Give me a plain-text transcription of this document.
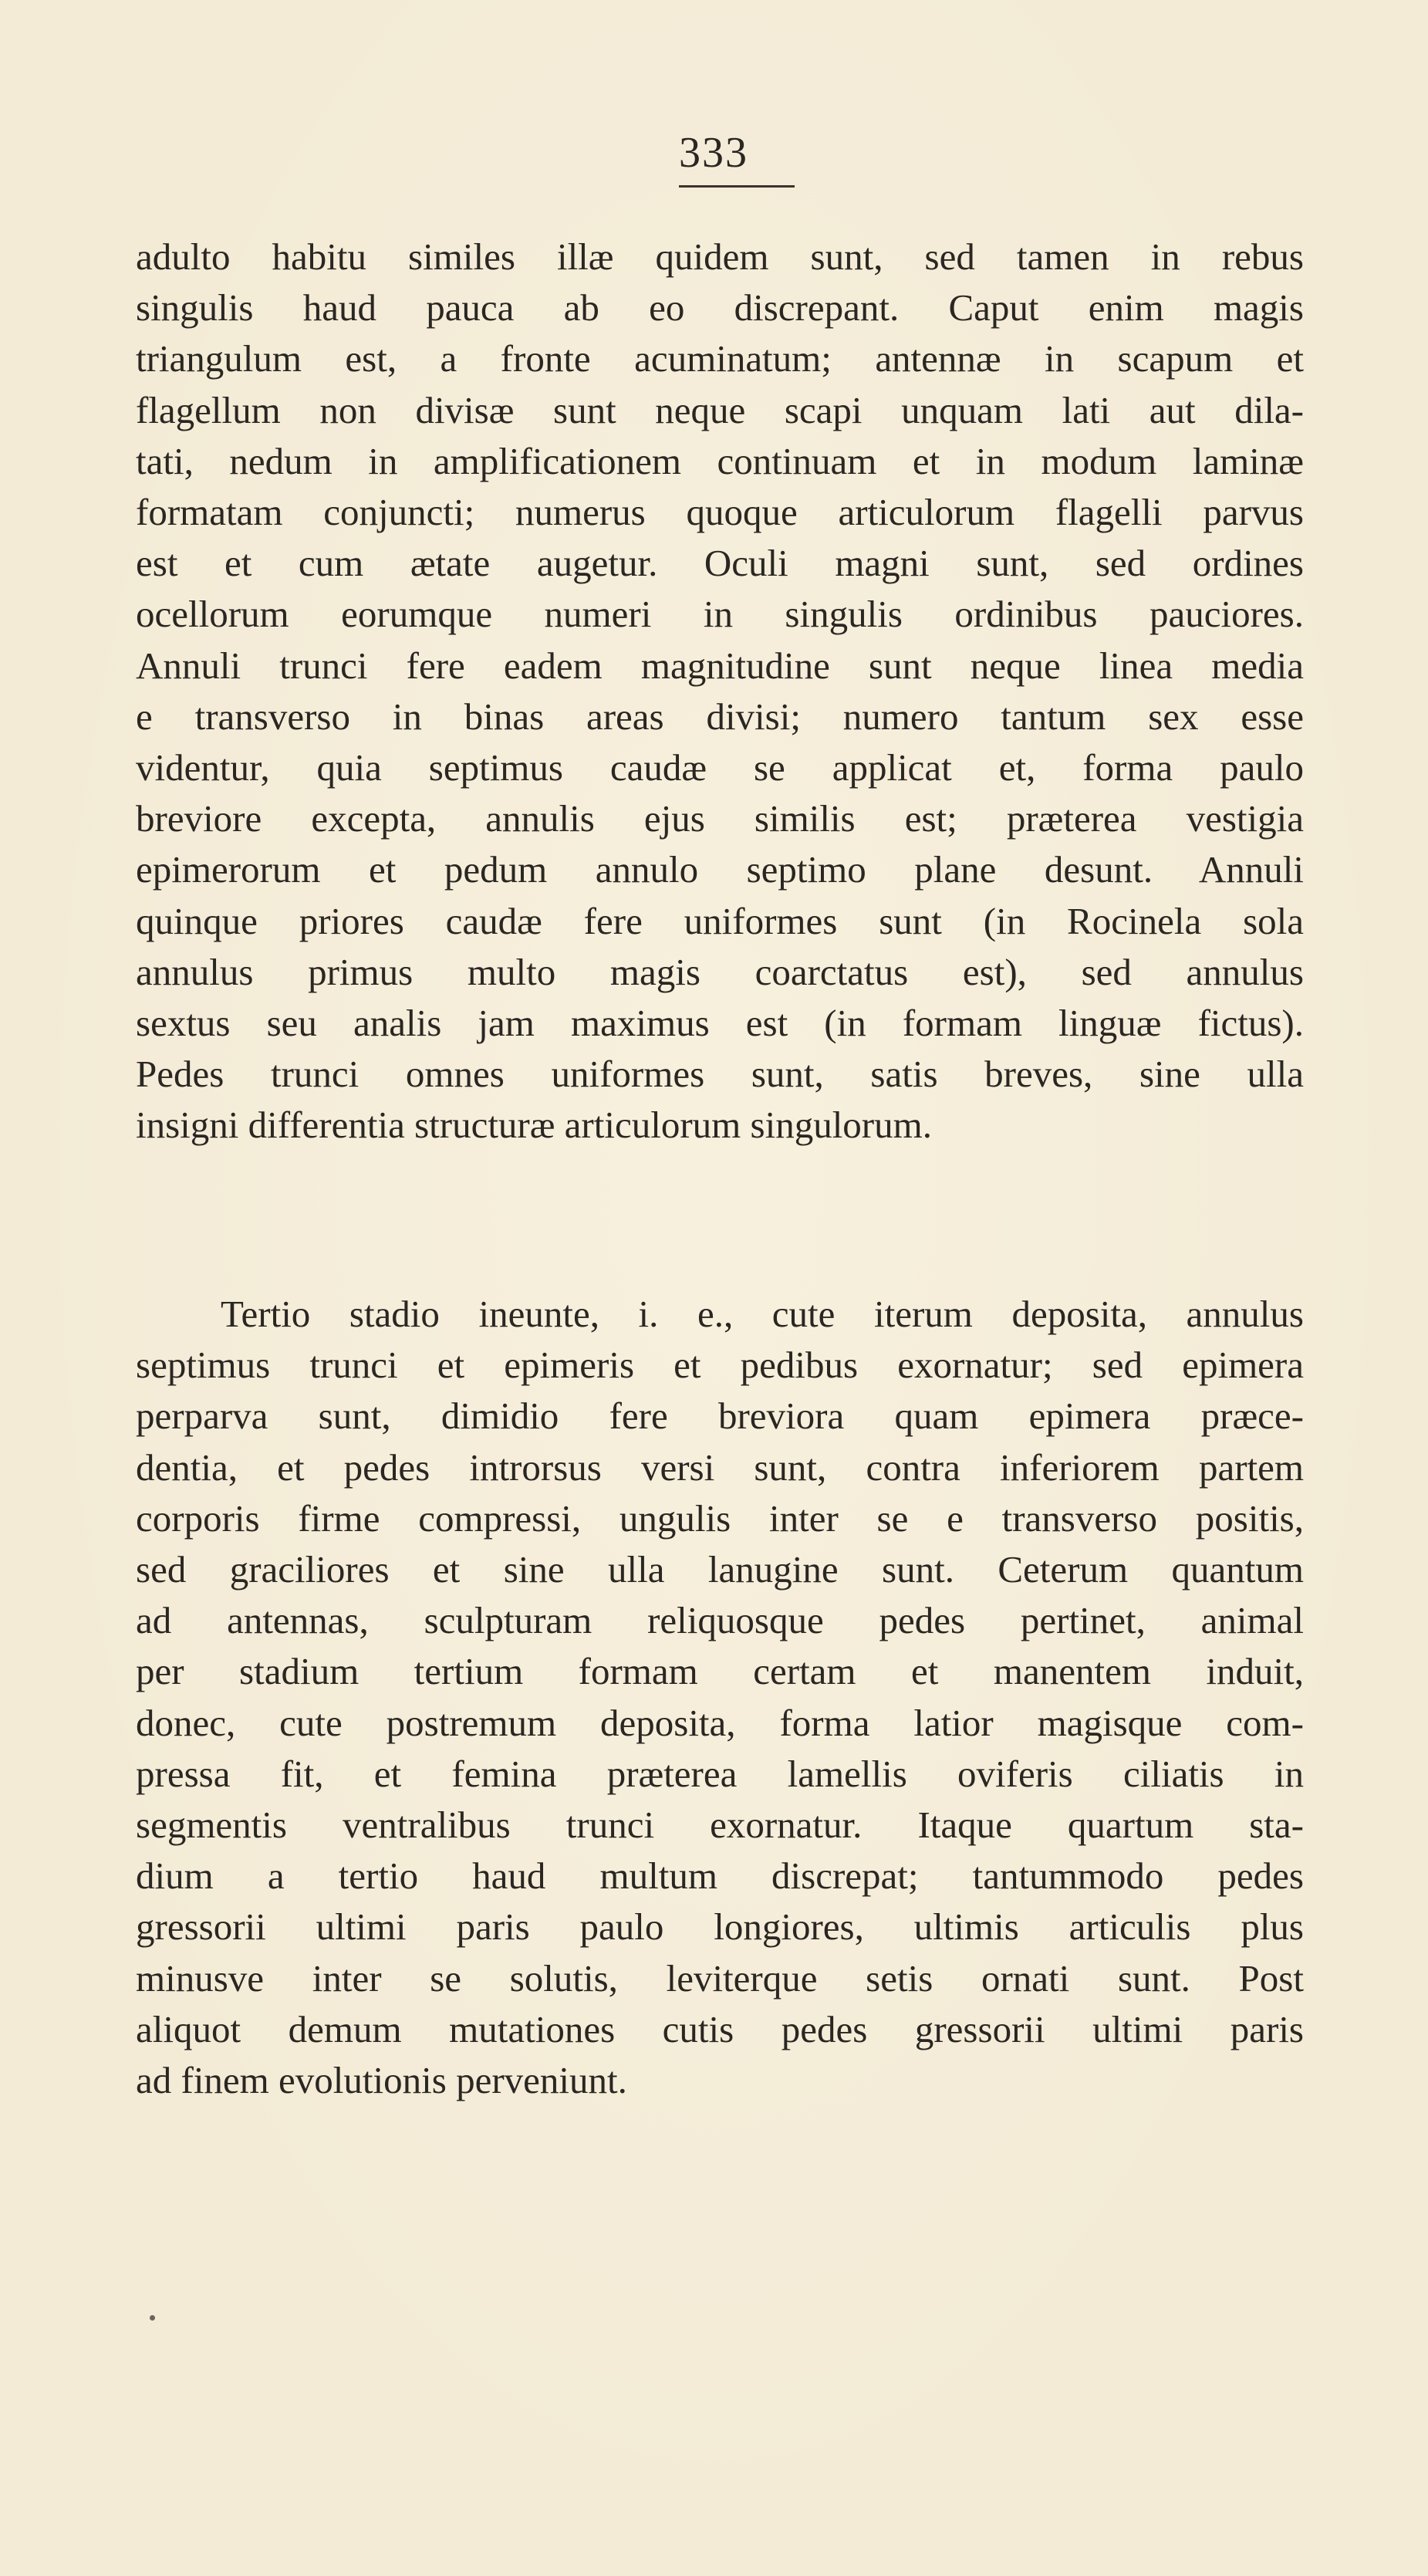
333
adulto habitu similes illæ quidem sunt, sed tamen in rebus
singulis haud pauca ab eo discrepant. Caput enim magis
triangulum est, a fronte acuminatum; antennæ in scapum et
flagellum non divisæ sunt neque scapi unquam lati aut dila-
tati, nedum in amplificationem continuam et in modum laminæ
formatam conjuncti; numerus quoque articulorum flagelli parvus
est et cum ætate augetur. Oculi magni sunt, sed ordines
ocellorum eorumque numeri in singulis ordinibus pauciores.
Annuli trunci fere eadem magnitudine sunt neque linea media
e transverso in binas areas divisi; numero tantum sex esse
videntur, quia septimus caudæ se applicat et, forma paulo
breviore excepta, annulis ejus similis est; præterea vestigia
epimerorum et pedum annulo septimo plane desunt. Annuli
quinque priores caudæ fere uniformes sunt (in Rocinela sola
annulus primus multo magis coarctatus est), sed annulus
sextus seu analis jam maximus est (in formam linguæ fictus).
Pedes trunci omnes uniformes sunt, satis breves, sine ulla
insigni differentia structuræ articulorum singulorum.
Tertio stadio ineunte, i. e., cute iterum deposita, annulus
septimus trunci et epimeris et pedibus exornatur; sed epimera
perparva sunt, dimidio fere breviora quam epimera præce-
dentia, et pedes introrsus versi sunt, contra inferiorem partem
corporis firme compressi, ungulis inter se e transverso positis,
sed graciliores et sine ulla lanugine sunt. Ceterum quantum
ad antennas, sculpturam reliquosque pedes pertinet, animal
per stadium tertium formam certam et manentem induit,
donec, cute postremum deposita, forma latior magisque com-
pressa fit, et femina præterea lamellis oviferis ciliatis in
segmentis ventralibus trunci exornatur. Itaque quartum sta-
dium a tertio haud multum discrepat; tantummodo pedes
gressorii ultimi paris paulo longiores, ultimis articulis plus
minusve inter se solutis, leviterque setis ornati sunt. Post
aliquot demum mutationes cutis pedes gressorii ultimi paris
ad finem evolutionis perveniunt.
